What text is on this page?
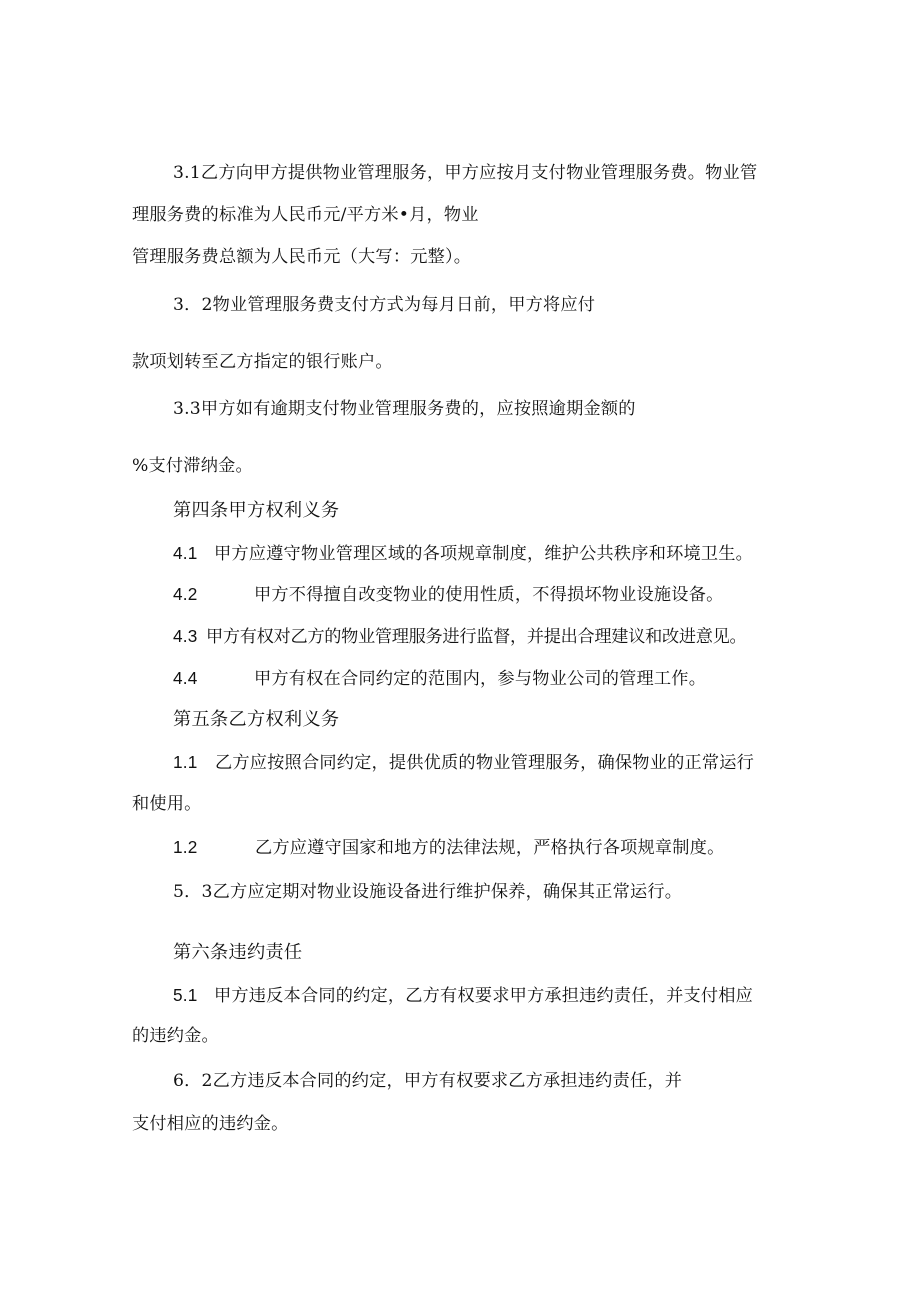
3.1乙方向甲方提供物业管理服务，甲方应按月支付物业管理服务费。物业管
理服务费的标准为人民币元/平方米•月，物业
管理服务费总额为人民币元（大写：元整）。
3．2物业管理服务费支付方式为每月日前，甲方将应付
款项划转至乙方指定的银行账户。
3.3甲方如有逾期支付物业管理服务费的，应按照逾期金额的
%支付滞纳金。
第四条甲方权利义务
4.1 甲方应遵守物业管理区域的各项规章制度，维护公共秩序和环境卫生。
4.2	甲方不得擅自改变物业的使用性质，不得损坏物业设施设备。
4.3 甲方有权对乙方的物业管理服务进行监督，并提出合理建议和改进意见。
4.4	甲方有权在合同约定的范围内，参与物业公司的管理工作。
第五条乙方权利义务
1.1 乙方应按照合同约定，提供优质的物业管理服务，确保物业的正常运行
和使用。
1.2	乙方应遵守国家和地方的法律法规，严格执行各项规章制度。
5．3乙方应定期对物业设施设备进行维护保养，确保其正常运行。
第六条违约责任
5.1 甲方违反本合同的约定，乙方有权要求甲方承担违约责任，并支付相应
的违约金。
6．2乙方违反本合同的约定，甲方有权要求乙方承担违约责任，并
支付相应的违约金。
